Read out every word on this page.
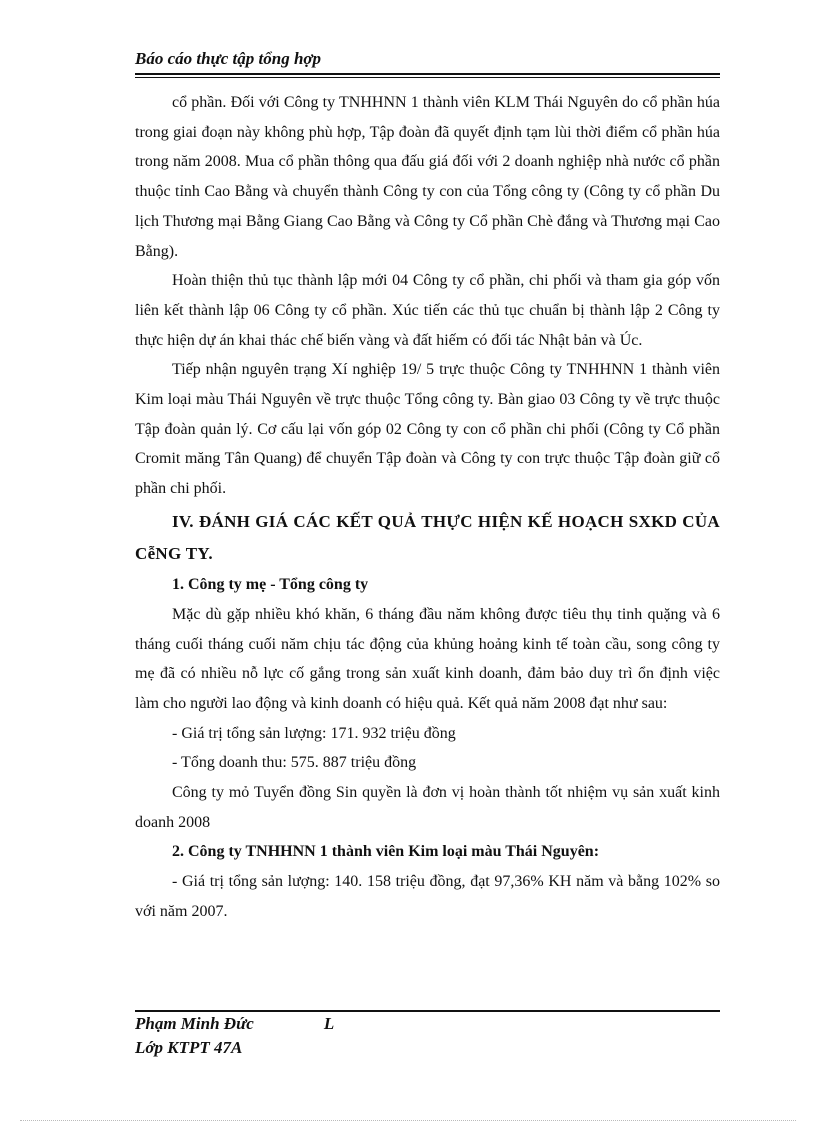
Báo cáo thực tập tổng hợp

cổ phần. Đối với Công ty TNHHNN 1 thành viên KLM Thái Nguyên do cổ phần húa trong giai đoạn này không phù hợp, Tập đoàn đã quyết định tạm lùi thời điểm cổ phần húa trong năm 2008. Mua cổ phần thông qua đấu giá đối với 2 doanh nghiệp nhà nước cổ phần thuộc tỉnh Cao Bằng và chuyển thành Công ty con của Tổng công ty (Công ty cổ phần Du lịch Thương mại Bằng Giang Cao Bằng và Công ty Cổ phần Chè đắng và Thương mại Cao Bằng).

Hoàn thiện thủ tục thành lập mới 04 Công ty cổ phần, chi phối và tham gia góp vốn liên kết thành lập 06 Công ty cổ phần. Xúc tiến các thủ tục chuẩn bị thành lập 2 Công ty thực hiện dự án khai thác chế biến vàng và đất hiếm có đối tác Nhật bản và Úc.

Tiếp nhận nguyên trạng Xí nghiệp 19/ 5 trực thuộc Công ty TNHHNN 1 thành viên Kim loại màu Thái Nguyên về trực thuộc Tổng công ty. Bàn giao 03 Công ty về trực thuộc Tập đoàn quản lý. Cơ cấu lại vốn góp 02 Công ty con cổ phần chi phối (Công ty Cổ phần Cromit măng Tân Quang) để chuyển Tập đoàn và Công ty con trực thuộc Tập đoàn giữ cổ phần chi phối.

IV. ĐÁNH GIÁ CÁC KẾT QUẢ THỰC HIỆN KẾ HOẠCH SXKD CỦA CễNG TY.
1. Công ty mẹ - Tổng công ty

Mặc dù gặp nhiều khó khăn, 6 tháng đầu năm không được tiêu thụ tinh quặng và 6 tháng cuối tháng cuối năm chịu tác động của khủng hoảng kinh tế toàn cầu, song công ty mẹ đã có nhiều nỗ lực cố gắng trong sản xuất kinh doanh, đảm bảo duy trì ổn định việc làm cho người lao động và kinh doanh có hiệu quả. Kết quả năm 2008 đạt như sau:

- Giá trị tổng sản lượng: 171. 932 triệu đồng

- Tổng doanh thu: 575. 887 triệu đồng

Công ty mỏ Tuyển đồng Sin quyền là đơn vị hoàn thành tốt nhiệm vụ sản xuất kinh doanh 2008

2. Công ty TNHHNN 1 thành viên Kim loại màu Thái Nguyên:

- Giá trị tổng sản lượng: 140. 158 triệu đồng, đạt 97,36% KH năm và bằng 102% so với năm 2007.

Phạm Minh Đức	L
Lớp KTPT 47A
